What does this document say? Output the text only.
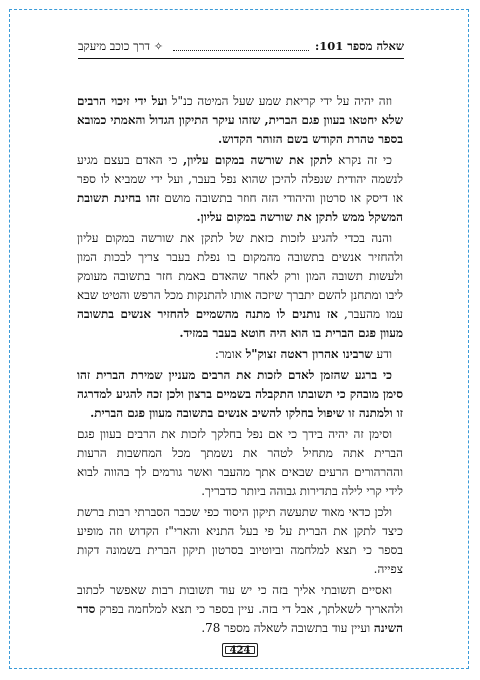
שאלה מספר 101:
✧
דרך כוכב מיעקב

וזה יהיה על ידי קריאת שמע שעל המיטה כנ"ל ועל ידי זיכוי הרבים שלא יחטאו בעוון פגם הברית, שזהו עיקר התיקון הגדול והאמתי כמובא בספר טהרת הקודש בשם הזוהר הקדוש.

כי זה נקרא לתקן את שורשה במקום עליון, כי האדם בעצם מגיע לנשמה יהודית שנפלה להיכן שהוא נפל בעבר, ועל ידי שמביא לו ספר או דיסק או סרטון והיהודי הזה חוזר בתשובה מושם זהו בחינת תשובת המשקל ממש לתקן את שורשה במקום עליון.

והנה בכדי להגיע לזכות כזאת של לתקן את שורשה במקום עליון ולהחזיר אנשים בתשובה מהמקום בו נפלת בעבר צריך לבכות המון ולעשות תשובה המון ורק לאחר שהאדם באמת חזר בתשובה מעומק ליבו ומתחנן להשם יתברך שיזכה אותו להתנקות מכל הרפש והטיט שבא עמו מהעבר, אז נותנים לו מתנה מהשמיים להחזיר אנשים בתשובה מעוון פגם הברית בו הוא היה חוטא בעבר במזיד.

ודע שרבינו אהרון ראטה זצוק"ל אומר:

כי ברגע שהזמן לאדם לזכות את הרבים מעניין שמירת הברית זהו סימן מובהק כי תשובתו התקבלה בשמיים ברצון ולכן זכה להגיע למדרגה זו ולמתנה זו שיפול בחלקו להשיב אנשים בתשובה מעוון פגם הברית.

וסימן זה יהיה בידך כי אם נפל בחלקך לזכות את הרבים בעוון פגם הברית אתה מתחיל לטהר את נשמתך מכל המחשבות הרעות וההרהורים הרעים שבאים אתך מהעבר ואשר גורמים לך בהווה לבוא לידי קרי לילה בתדירות גבוהה ביותר כדבריך.

ולכן כדאי מאוד שתעשה תיקון היסוד כפי שכבר הסברתי רבות ברשת כיצד לתקן את הברית על פי בעל התניא והארי"ז הקדוש וזה מופיע בספר כי תצא למלחמה וביוטיוב בסרטון תיקון הברית בשמונה דקות צפייה.

ואסיים תשובתי אליך בזה כי יש עוד תשובות רבות שאפשר לכתוב ולהאריך לשאלתך, אבל די בזה. עיין בספר כי תצא למלחמה בפרק סדר השינה ועיין עוד בתשובה לשאלה מספר 78.

424
